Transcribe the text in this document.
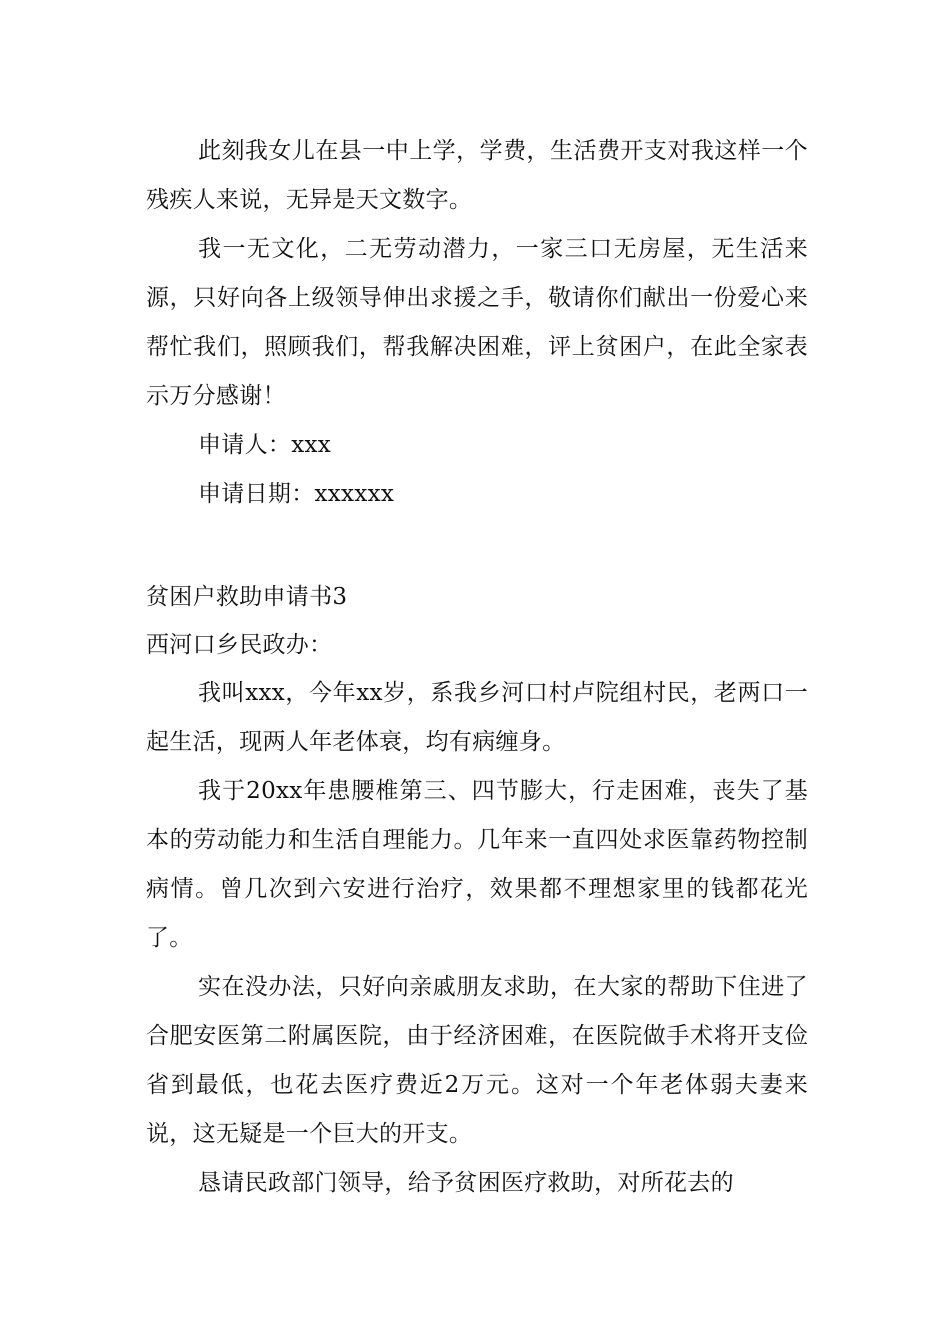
此刻我女儿在县一中上学，学费，生活费开支对我这样一个残疾人来说，无异是天文数字。

我一无文化，二无劳动潜力，一家三口无房屋，无生活来源，只好向各上级领导伸出求援之手，敬请你们献出一份爱心来帮忙我们，照顾我们，帮我解决困难，评上贫困户，在此全家表示万分感谢！

申请人：xxx

申请日期：xxxxxx

贫困户救助申请书3

西河口乡民政办：

我叫xxx，今年xx岁，系我乡河口村卢院组村民，老两口一起生活，现两人年老体衰，均有病缠身。

我于20xx年患腰椎第三、四节膨大，行走困难，丧失了基本的劳动能力和生活自理能力。几年来一直四处求医靠药物控制病情。曾几次到六安进行治疗，效果都不理想家里的钱都花光了。

实在没办法，只好向亲戚朋友求助，在大家的帮助下住进了合肥安医第二附属医院，由于经济困难，在医院做手术将开支俭省到最低，也花去医疗费近2万元。这对一个年老体弱夫妻来说，这无疑是一个巨大的开支。

恳请民政部门领导，给予贫困医疗救助，对所花去的
